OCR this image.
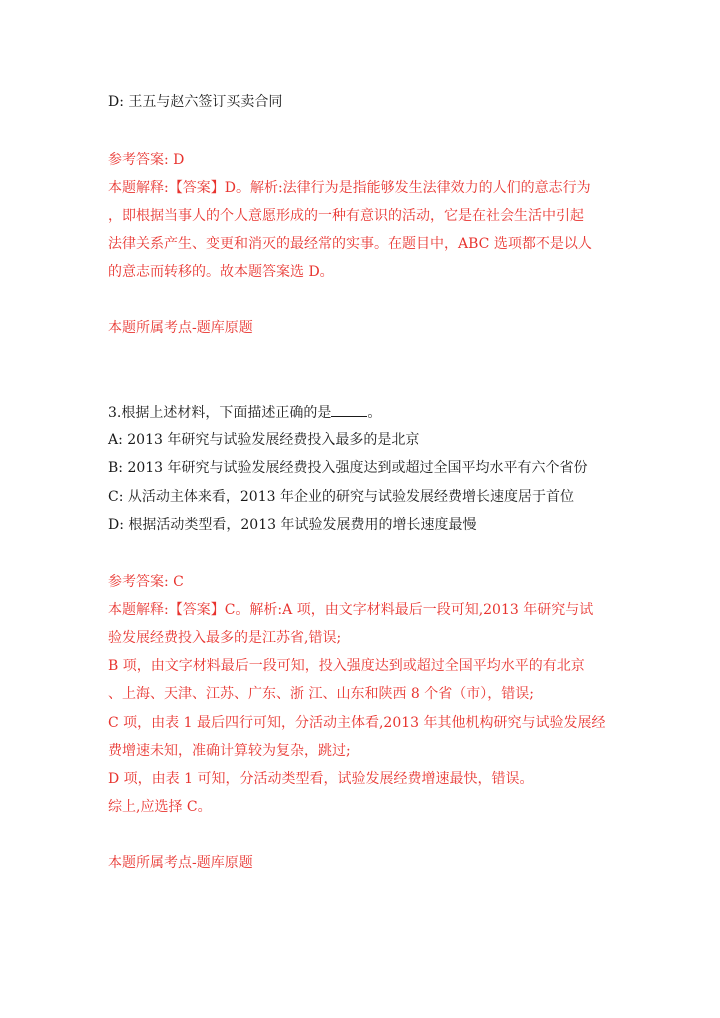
D: 王五与赵六签订买卖合同
参考答案: D
本题解释:【答案】D。解析:法律行为是指能够发生法律效力的人们的意志行为
，即根据当事人的个人意愿形成的一种有意识的活动，它是在社会生活中引起
法律关系产生、变更和消灭的最经常的实事。在题目中，ABC 选项都不是以人
的意志而转移的。故本题答案选 D。
本题所属考点-题库原题
3.根据上述材料，下面描述正确的是	。
A: 2013 年研究与试验发展经费投入最多的是北京
B: 2013 年研究与试验发展经费投入强度达到或超过全国平均水平有六个省份
C: 从活动主体来看，2013 年企业的研究与试验发展经费增长速度居于首位
D: 根据活动类型看，2013 年试验发展费用的增长速度最慢
参考答案: C
本题解释:【答案】C。解析:A 项，由文字材料最后一段可知,2013 年研究与试
验发展经费投入最多的是江苏省,错误;
B 项，由文字材料最后一段可知，投入强度达到或超过全国平均水平的有北京
、上海、天津、江苏、广东、浙 江、山东和陕西 8 个省（市），错误;
C 项，由表 1 最后四行可知，分活动主体看,2013 年其他机构研究与试验发展经
费增速未知，准确计算较为复杂，跳过;
D 项，由表 1 可知，分活动类型看，试验发展经费增速最快，错误。
综上,应选择 C。
本题所属考点-题库原题
